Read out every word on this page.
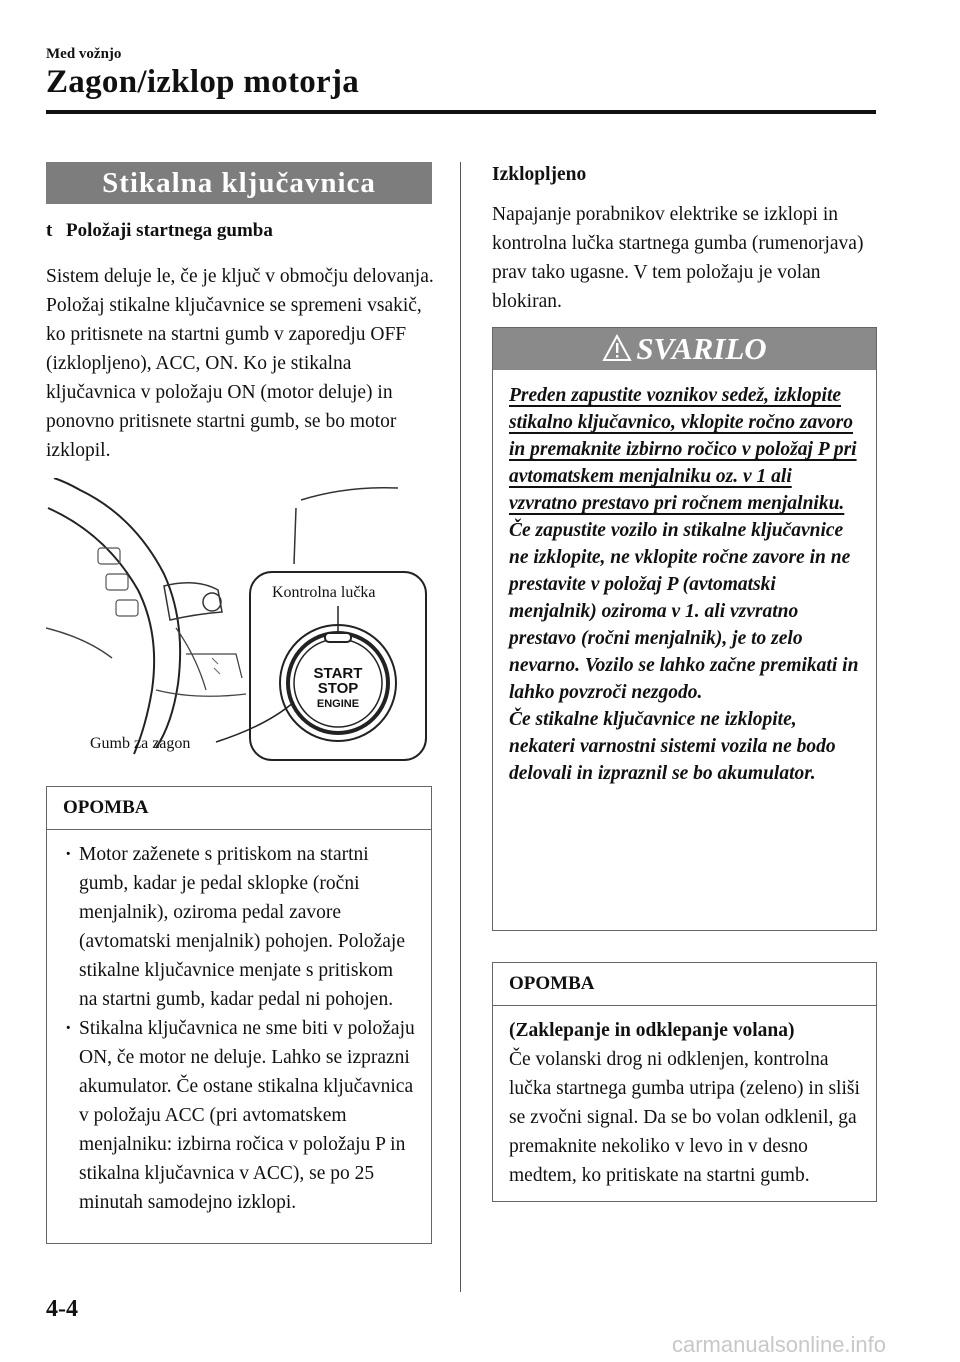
Med vožnjo
Zagon/izklop motorja
Stikalna ključavnica
t Položaji startnega gumba
Sistem deluje le, če je ključ v območju delovanja. Položaj stikalne ključavnice se spremeni vsakič, ko pritisnete na startni gumb v zaporedju OFF (izklopljeno), ACC, ON. Ko je stikalna ključavnica v položaju ON (motor deluje) in ponovno pritisnete startni gumb, se bo motor izklopil.
START
STOP
ENGINE
Kontrolna lučka
Gumb za zagon
OPOMBA
· Motor zaženete s pritiskom na startni gumb, kadar je pedal sklopke (ročni menjalnik), oziroma pedal zavore (avtomatski menjalnik) pohojen. Položaje stikalne ključavnice menjate s pritiskom na startni gumb, kadar pedal ni pohojen.
· Stikalna ključavnica ne sme biti v položaju ON, če motor ne deluje. Lahko se izprazni akumulator. Če ostane stikalna ključavnica v položaju ACC (pri avtomatskem menjalniku: izbirna ročica v položaju P in stikalna ključavnica v ACC), se po 25 minutah samodejno izklopi.
Izklopljeno
Napajanje porabnikov elektrike se izklopi in kontrolna lučka startnega gumba (rumenorjava) prav tako ugasne. V tem položaju je volan blokiran.
SVARILO
Preden zapustite voznikov sedež, izklopite stikalno ključavnico, vklopite ročno zavoro in premaknite izbirno ročico v položaj P pri avtomatskem menjalniku oz. v 1 ali vzvratno prestavo pri ročnem menjalniku.
Če zapustite vozilo in stikalne ključavnice ne izklopite, ne vklopite ročne zavore in ne prestavite v položaj P (avtomatski menjalnik) oziroma v 1. ali vzvratno prestavo (ročni menjalnik), je to zelo nevarno. Vozilo se lahko začne premikati in lahko povzroči nezgodo.
Če stikalne ključavnice ne izklopite, nekateri varnostni sistemi vozila ne bodo delovali in izpraznil se bo akumulator.
OPOMBA
(Zaklepanje in odklepanje volana)
Če volanski drog ni odklenjen, kontrolna lučka startnega gumba utripa (zeleno) in sliši se zvočni signal. Da se bo volan odklenil, ga premaknite nekoliko v levo in v desno medtem, ko pritiskate na startni gumb.
4-4
carmanualsonline.info
